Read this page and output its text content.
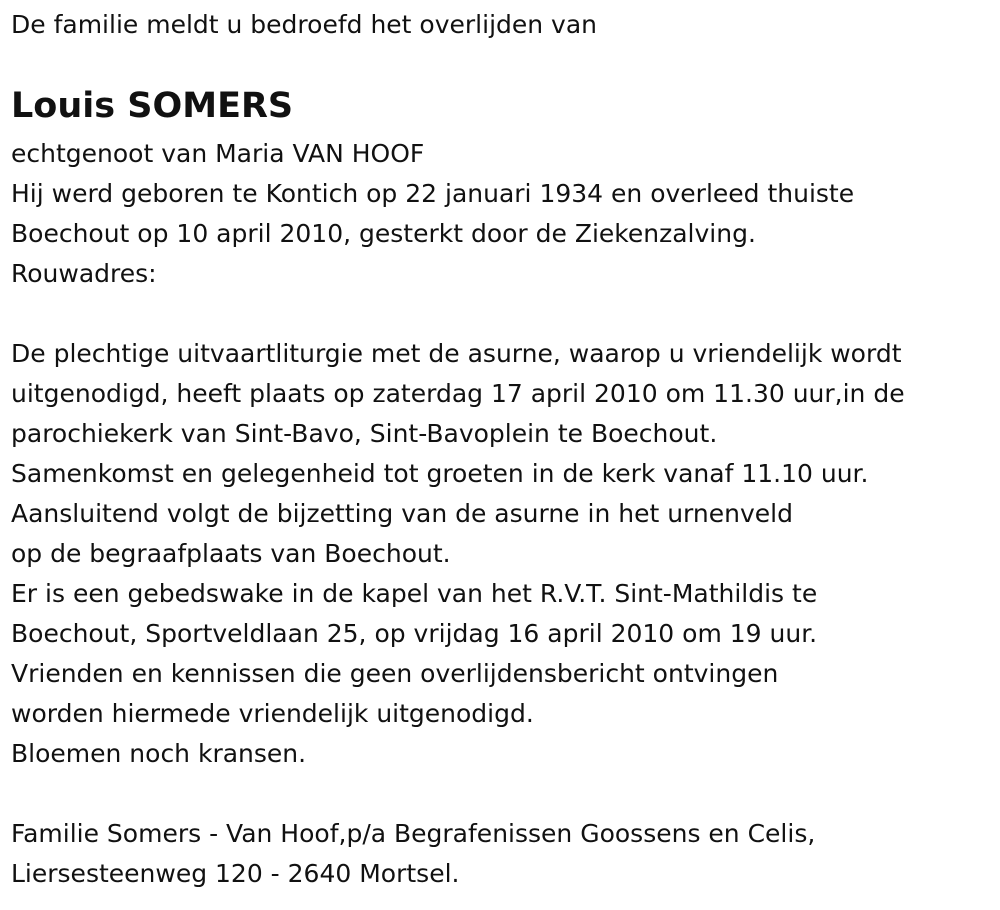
De familie meldt u bedroefd het overlijden van
Louis SOMERS
echtgenoot van Maria VAN HOOF
Hij werd geboren te Kontich op 22 januari 1934 en overleed thuiste
Boechout op 10 april 2010, gesterkt door de Ziekenzalving.
Rouwadres:
De plechtige uitvaartliturgie met de asurne, waarop u vriendelijk wordt
uitgenodigd, heeft plaats op zaterdag 17 april 2010 om 11.30 uur,in de
parochiekerk van Sint-Bavo, Sint-Bavoplein te Boechout.
Samenkomst en gelegenheid tot groeten in de kerk vanaf 11.10 uur.
Aansluitend volgt de bijzetting van de asurne in het urnenveld
op de begraafplaats van Boechout.
Er is een gebedswake in de kapel van het R.V.T. Sint-Mathildis te
Boechout, Sportveldlaan 25, op vrijdag 16 april 2010 om 19 uur.
Vrienden en kennissen die geen overlijdensbericht ontvingen
worden hiermede vriendelijk uitgenodigd.
Bloemen noch kransen.
Familie Somers - Van Hoof,p/a Begrafenissen Goossens en Celis,
Liersesteenweg 120 - 2640 Mortsel.
